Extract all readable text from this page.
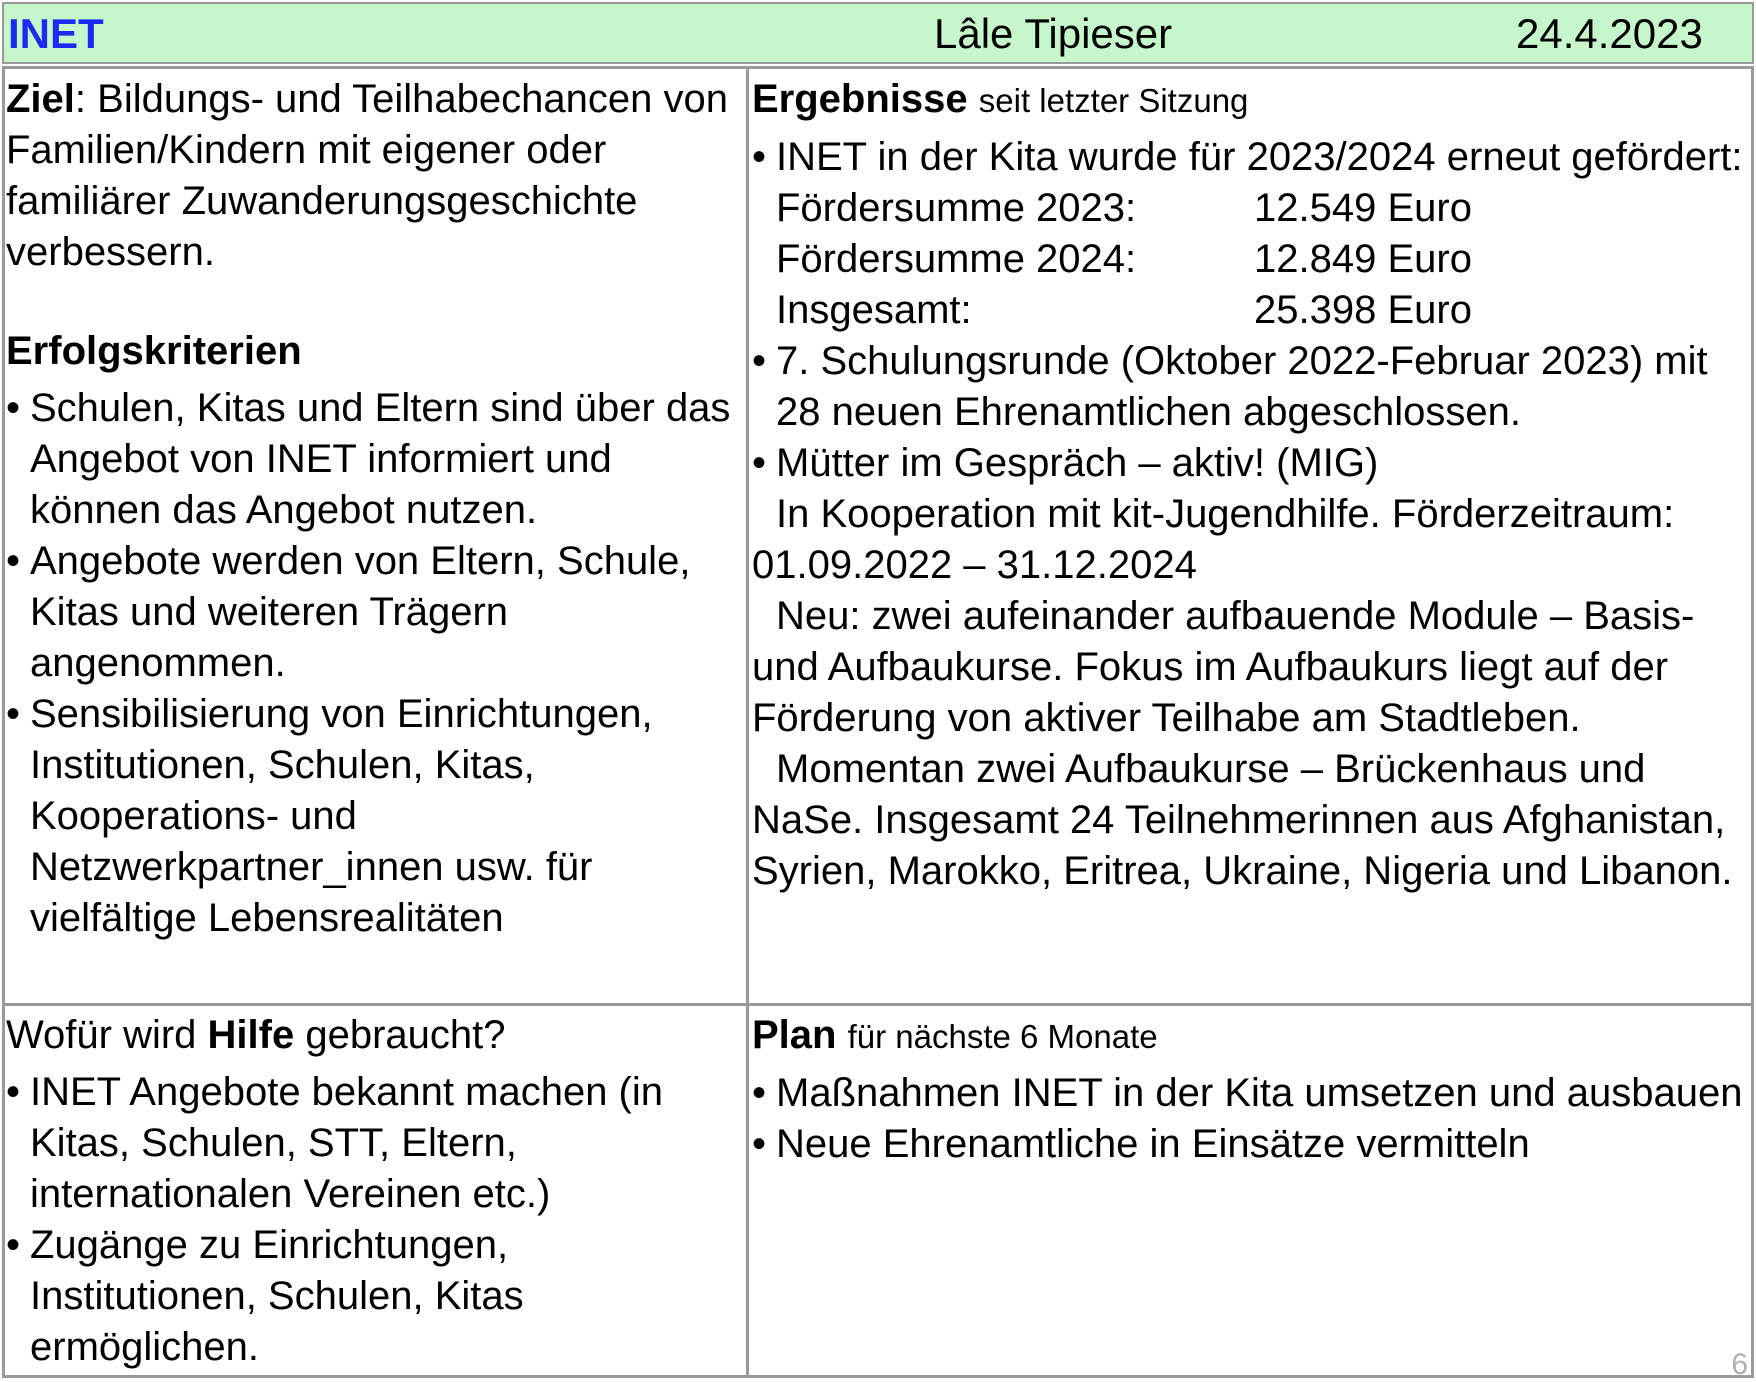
INET	Lâle Tipieser	24.4.2023
Ziel: Bildungs- und Teilhabechancen von Familien/Kindern mit eigener oder familiärer Zuwanderungsgeschichte verbessern.
Erfolgskriterien
• Schulen, Kitas und Eltern sind über das Angebot von INET informiert und können das Angebot nutzen.
• Angebote werden von Eltern, Schule, Kitas und weiteren Trägern angenommen.
• Sensibilisierung von Einrichtungen, Institutionen, Schulen, Kitas, Kooperations- und Netzwerkpartner_innen usw. für vielfältige Lebensrealitäten
Ergebnisse seit letzter Sitzung
• INET in der Kita wurde für 2023/2024 erneut gefördert:
Fördersumme 2023:	12.549 Euro
Fördersumme 2024:	12.849 Euro
Insgesamt:	25.398 Euro
• 7. Schulungsrunde (Oktober 2022-Februar 2023) mit 28 neuen Ehrenamtlichen abgeschlossen.
• Mütter im Gespräch – aktiv! (MIG)
In Kooperation mit kit-Jugendhilfe. Förderzeitraum: 01.09.2022 – 31.12.2024
Neu: zwei aufeinander aufbauende Module – Basis- und Aufbaukurse. Fokus im Aufbaukurs liegt auf der Förderung von aktiver Teilhabe am Stadtleben.
Momentan zwei Aufbaukurse – Brückenhaus und NaSe. Insgesamt 24 Teilnehmerinnen aus Afghanistan, Syrien, Marokko, Eritrea, Ukraine, Nigeria und Libanon.
Wofür wird Hilfe gebraucht?
• INET Angebote bekannt machen (in Kitas, Schulen, STT, Eltern, internationalen Vereinen etc.)
• Zugänge zu Einrichtungen, Institutionen, Schulen, Kitas ermöglichen.
Plan für nächste 6 Monate
• Maßnahmen INET in der Kita umsetzen und ausbauen
• Neue Ehrenamtliche in Einsätze vermitteln
6
